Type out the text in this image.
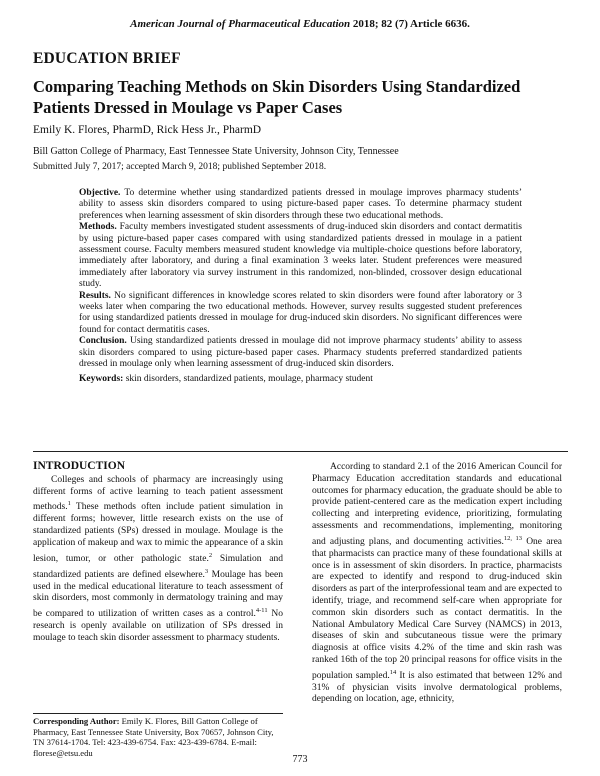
American Journal of Pharmaceutical Education 2018; 82 (7) Article 6636.
EDUCATION BRIEF
Comparing Teaching Methods on Skin Disorders Using Standardized Patients Dressed in Moulage vs Paper Cases
Emily K. Flores, PharmD, Rick Hess Jr., PharmD
Bill Gatton College of Pharmacy, East Tennessee State University, Johnson City, Tennessee
Submitted July 7, 2017; accepted March 9, 2018; published September 2018.

Objective. To determine whether using standardized patients dressed in moulage improves pharmacy students’ ability to assess skin disorders compared to using picture-based paper cases. To determine pharmacy student preferences when learning assessment of skin disorders through these two educational methods.

Methods. Faculty members investigated student assessments of drug-induced skin disorders and contact dermatitis by using picture-based paper cases compared with using standardized patients dressed in moulage in a patient assessment course. Faculty members measured student knowledge via multiple-choice questions before laboratory, immediately after laboratory, and during a final examination 3 weeks later. Student preferences were measured immediately after laboratory via survey instrument in this randomized, non-blinded, crossover design educational study.

Results. No significant differences in knowledge scores related to skin disorders were found after laboratory or 3 weeks later when comparing the two educational methods. However, survey results suggested student preferences for using standardized patients dressed in moulage for drug-induced skin disorders. No significant differences were found for contact dermatitis cases.

Conclusion. Using standardized patients dressed in moulage did not improve pharmacy students’ ability to assess skin disorders compared to using picture-based paper cases. Pharmacy students preferred standardized patients dressed in moulage only when learning assessment of drug-induced skin disorders.

Keywords: skin disorders, standardized patients, moulage, pharmacy student

INTRODUCTION

Colleges and schools of pharmacy are increasingly using different forms of active learning to teach patient assessment methods.$^1$ These methods often include patient simulation in different forms; however, little research exists on the use of standardized patients (SPs) dressed in moulage. Moulage is the application of makeup and wax to mimic the appearance of a skin lesion, tumor, or other pathologic state.$^2$ Simulation and standardized patients are defined elsewhere.$^3$ Moulage has been used in the medical educational literature to teach assessment of skin disorders, most commonly in dermatology training and may be compared to utilization of written cases as a control.$^{4-11}$ No research is openly available on utilization of SPs dressed in moulage to teach skin disorder assessment to pharmacy students.

According to standard 2.1 of the 2016 American Council for Pharmacy Education accreditation standards and educational outcomes for pharmacy education, the graduate should be able to provide patient-centered care as the medication expert including collecting and interpreting evidence, prioritizing, formulating assessments and recommendations, implementing, monitoring and adjusting plans, and documenting activities.$^{12, 13}$ One area that pharmacists can practice many of these foundational skills at once is in assessment of skin disorders. In practice, pharmacists are expected to identify and respond to drug-induced skin disorders as part of the interprofessional team and are expected to identify, triage, and recommend self-care when appropriate for common skin disorders such as contact dermatitis. In the National Ambulatory Medical Care Survey (NAMCS) in 2013, diseases of skin and subcutaneous tissue were the primary diagnosis at office visits 4.2% of the time and skin rash was ranked 16th of the top 20 principal reasons for office visits in the population sampled.$^{14}$ It is also estimated that between 12% and 31% of physician visits involve dermatological problems, depending on location, age, ethnicity,

Corresponding Author: Emily K. Flores, Bill Gatton College of Pharmacy, East Tennessee State University, Box 70657, Johnson City, TN 37614-1704. Tel: 423-439-6754. Fax: 423-439-6784. E-mail: florese@etsu.edu
773
